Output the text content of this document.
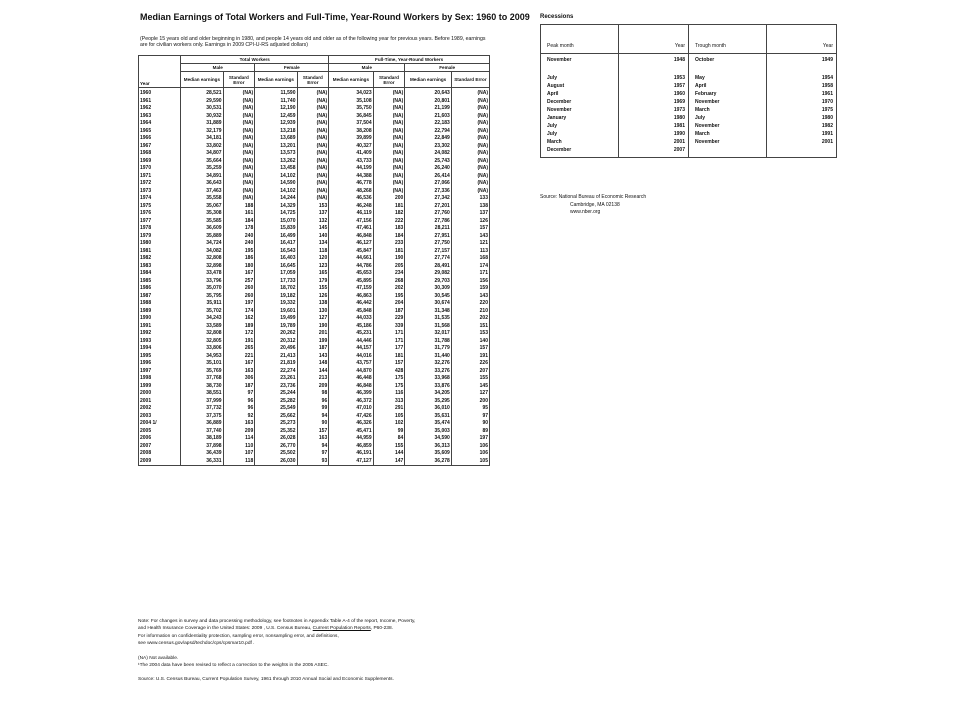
Median Earnings of Total Workers and Full-Time, Year-Round Workers by Sex: 1960 to 2009
(People 15 years old and older beginning in 1980, and people 14 years old and older as of the following year for previous years. Before 1989, earnings are for civilian workers only. Earnings in 2009 CPI-U-RS adjusted dollars)
Year	Total Workers				Full-Time, Year-Round Workers			
	Male		Female		Male		Female	
	Median earnings	Standard Error	Median earnings	Standard Error	Median earnings	Standard Error	Median earnings	Standard Error

1960	28,521	(NA)	11,590	(NA)	34,023	(NA)	20,643	(NA)
1961	29,590	(NA)	11,740	(NA)	35,108	(NA)	20,801	(NA)
1962	30,531	(NA)	12,190	(NA)	35,750	(NA)	21,199	(NA)
1963	30,932	(NA)	12,459	(NA)	36,845	(NA)	21,603	(NA)
1964	31,889	(NA)	12,939	(NA)	37,504	(NA)	22,183	(NA)
1965	32,179	(NA)	13,218	(NA)	38,208	(NA)	22,794	(NA)
1966	34,181	(NA)	13,689	(NA)	39,899	(NA)	22,849	(NA)
1967	33,802	(NA)	13,201	(NA)	40,327	(NA)	23,302	(NA)
1968	34,807	(NA)	13,573	(NA)	41,409	(NA)	24,082	(NA)
1969	35,664	(NA)	13,262	(NA)	43,733	(NA)	25,743	(NA)
1970	35,259	(NA)	13,458	(NA)	44,199	(NA)	26,240	(NA)
1971	34,891	(NA)	14,102	(NA)	44,388	(NA)	26,414	(NA)
1972	36,643	(NA)	14,590	(NA)	46,778	(NA)	27,066	(NA)
1973	37,463	(NA)	14,102	(NA)	48,268	(NA)	27,336	(NA)
1974	35,558	(NA)	14,244	(NA)	46,536	200	27,342	133
1975	35,067	188	14,329	153	46,248	181	27,201	138
1976	35,308	161	14,725	137	46,119	182	27,760	137
1977	35,585	184	15,070	132	47,156	222	27,786	126
1978	36,609	178	15,839	145	47,461	183	28,211	157
1979	35,889	240	16,499	140	46,848	184	27,951	143
1980	34,724	240	16,417	134	46,127	233	27,750	121
1981	34,082	195	16,543	118	45,847	181	27,157	113
1982	32,808	186	16,403	120	44,661	190	27,774	168
1983	32,898	180	16,645	123	44,786	205	28,491	174
1984	33,478	167	17,059	165	45,653	234	29,082	171
1985	33,796	257	17,733	179	45,895	268	29,703	156
1986	35,070	260	18,702	155	47,159	202	30,309	159
1987	35,795	260	19,182	126	46,863	195	30,545	143
1988	35,911	197	19,332	138	46,442	204	30,674	220
1989	35,702	174	19,601	130	45,848	187	31,348	210
1990	34,243	162	19,499	127	44,033	229	31,535	202
1991	33,589	189	19,789	190	45,186	339	31,568	151
1992	32,808	172	20,262	201	45,231	171	32,017	153
1993	32,805	191	20,312	199	44,446	171	31,788	140
1994	33,806	265	20,496	187	44,157	177	31,779	157
1995	34,953	221	21,413	143	44,016	181	31,440	191
1996	35,101	167	21,819	148	43,757	157	32,276	226
1997	35,769	163	22,274	144	44,870	428	33,276	207
1998	37,768	306	23,261	213	46,448	175	33,968	155
1999	38,730	187	23,736	209	46,848	175	33,876	145
2000	38,551	97	25,244	98	46,399	116	34,205	127
2001	37,999	96	25,282	96	46,372	313	35,295	200
2002	37,732	96	25,549	99	47,010	291	36,010	95
2003	37,375	92	25,662	94	47,426	105	35,631	97
2004 1/	36,889	163	25,273	90	46,326	102	35,474	90
2005	37,740	209	25,352	157	45,471	99	35,003	89
2006	38,189	114	26,028	163	44,959	84	34,590	197
2007	37,898	110	26,770	94	46,859	155	36,313	106
2008	36,439	107	25,502	97	46,191	144	35,609	106
2009	36,331	118	26,030	93	47,127	147	36,278	105

Note: For changes in survey and data processing methodology, see footnotes in Appendix Table A-4 of the report, Income, Poverty,

and Health Insurance Coverage in the United States: 2009 , U.S. Census Bureau, Current Population Reports, P60-238.

For information on confidentiality protection, sampling error, nonsampling error, and definitions,

see www.census.gov/apsd/techdoc/cps/cpsmar10.pdf .

(NA) Not available.

¹The 2004 data have been revised to reflect a correction to the weights in the 2005 ASEC.

Source: U.S. Census Bureau, Current Population Survey, 1961 through 2010 Annual Social and Economic Supplements.

Recessions
Peak month	Year	Trough month	Year
November	1948	October	1949

July	1953	May	1954
August	1957	April	1958
April	1960	February	1961
December	1969	November	1970
November	1973	March	1975
January	1980	July	1980
July	1981	November	1982
July	1990	March	1991
March	2001	November	2001
December	2007		

Source: National Bureau of Economic Research
Cambridge, MA 02138
www.nber.org
